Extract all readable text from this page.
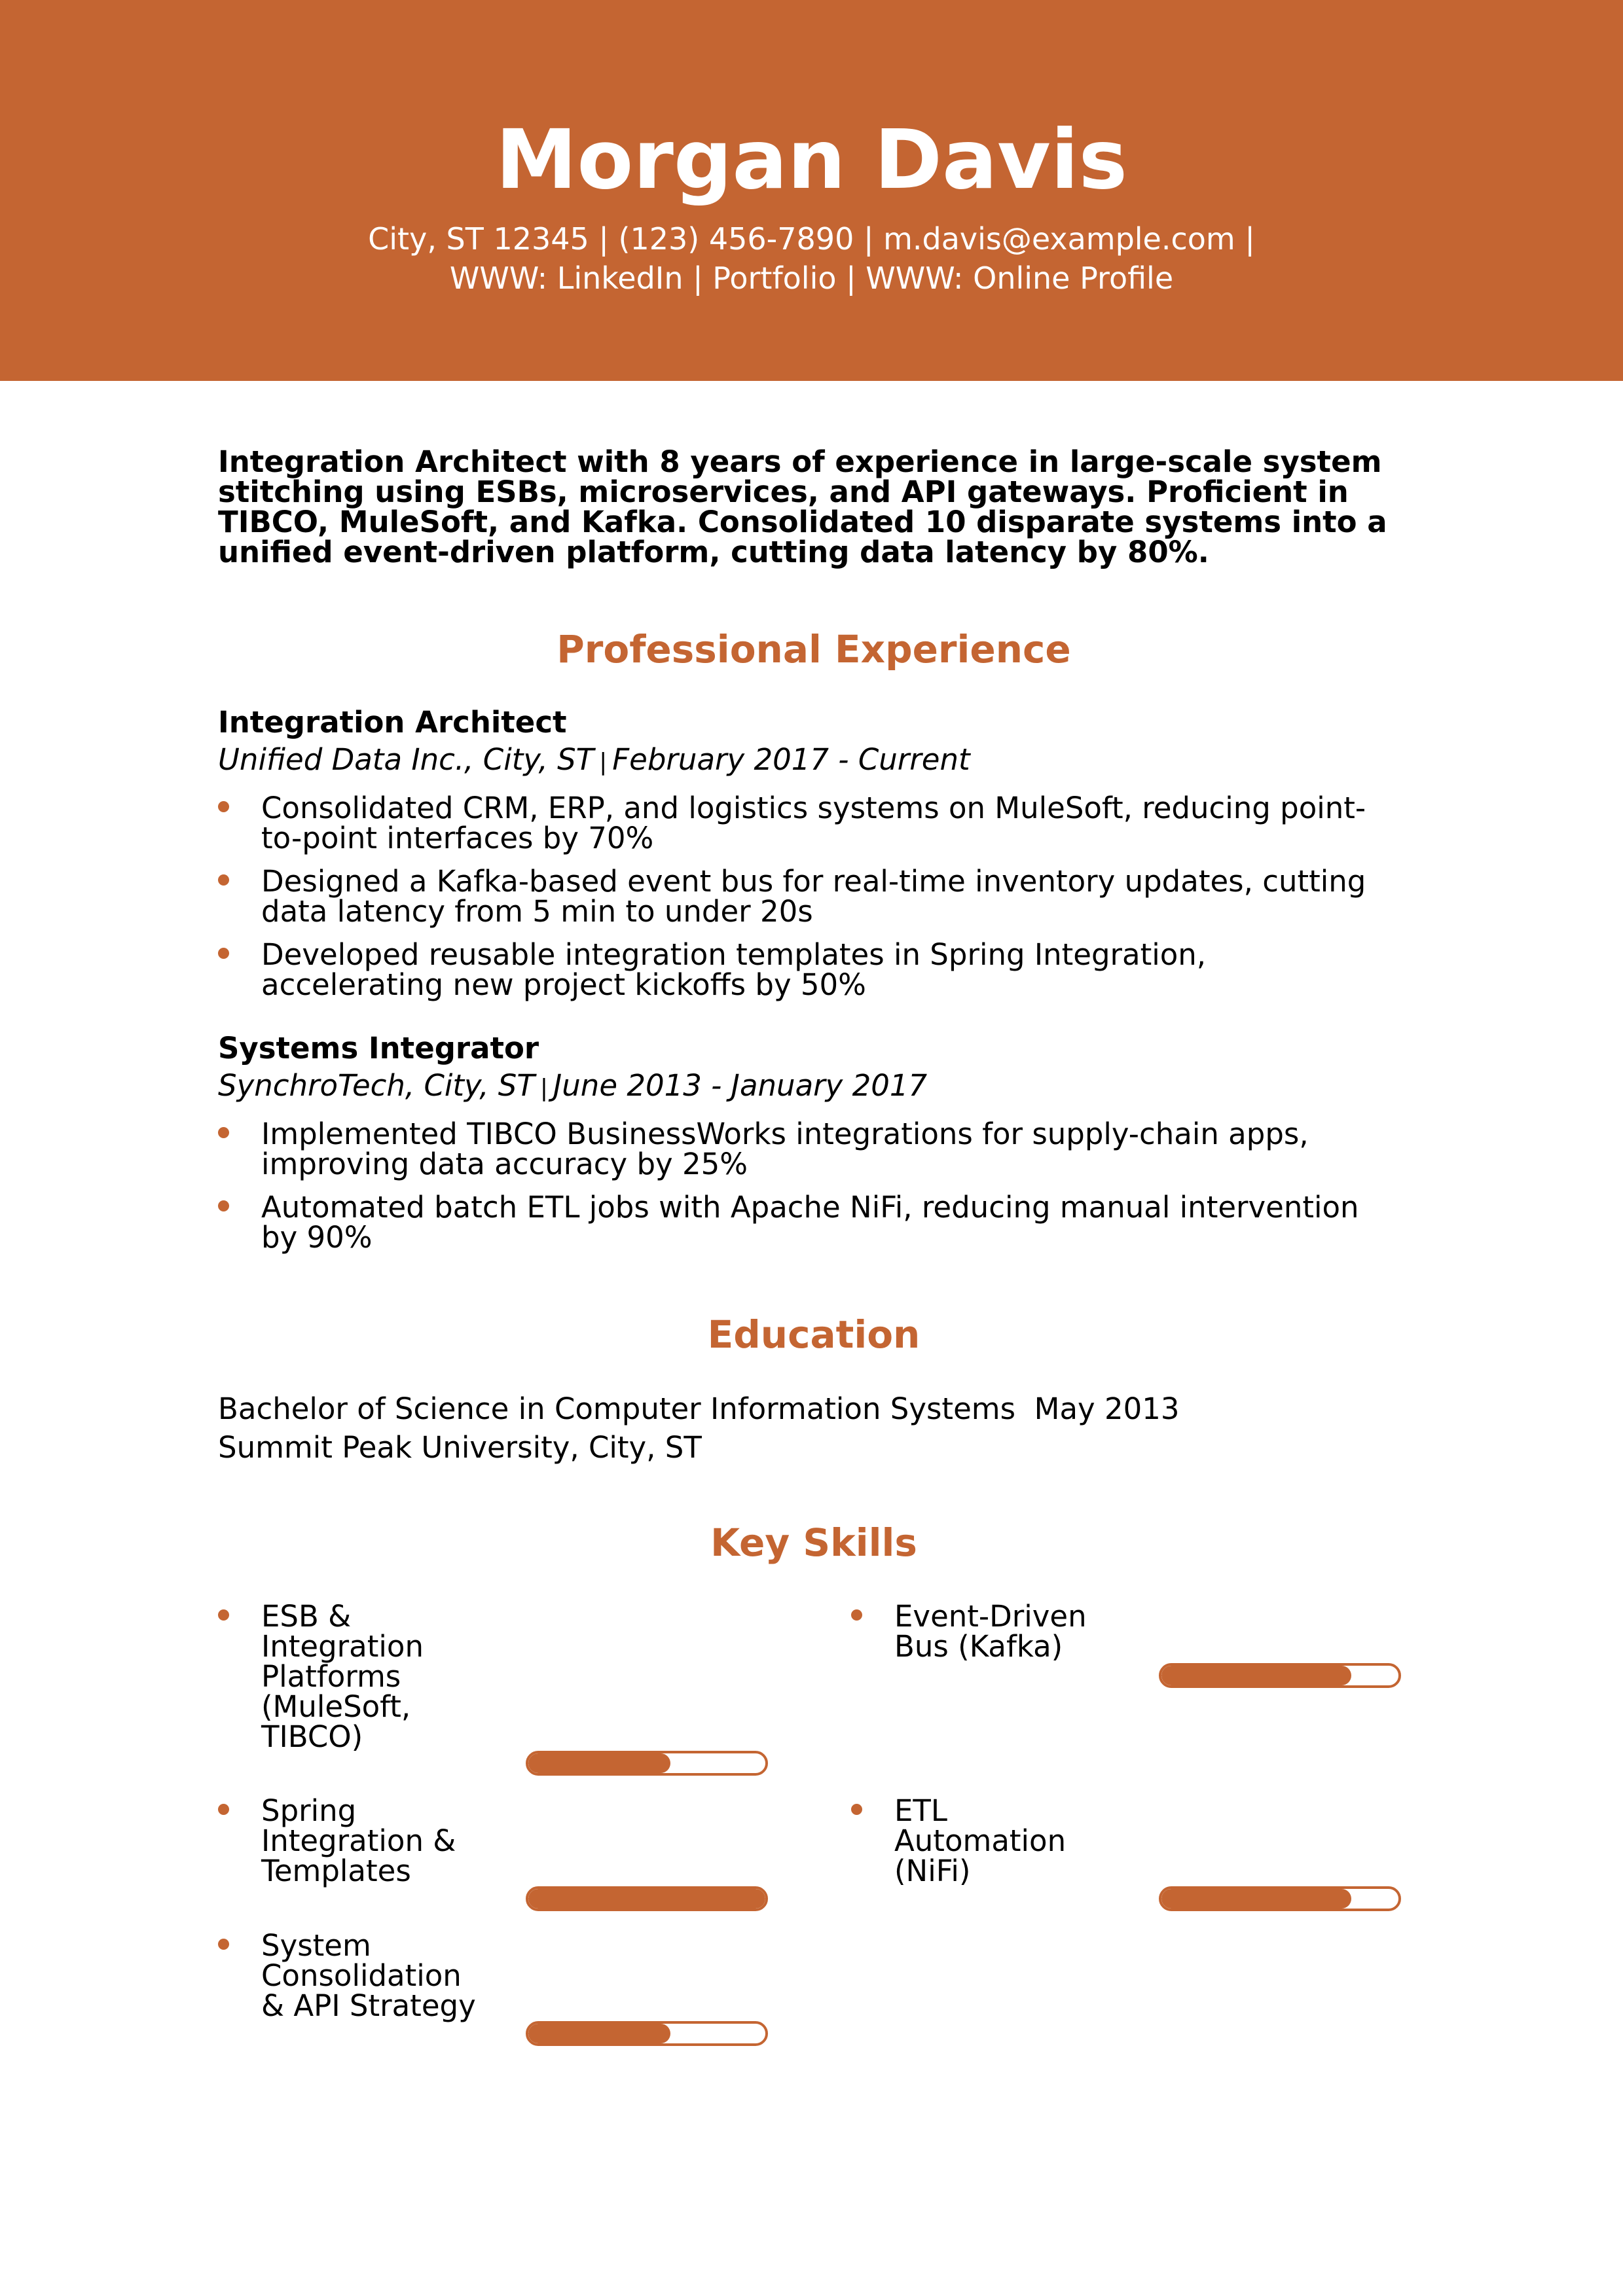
Morgan Davis
City, ST 12345 | (123) 456-7890 | m.davis@example.com |
WWW: LinkedIn | Portfolio | WWW: Online Profile
Integration Architect with 8 years of experience in large-scale system stitching using ESBs, microservices, and API gateways. Proficient in TIBCO, MuleSoft, and Kafka. Consolidated 10 disparate systems into a unified event-driven platform, cutting data latency by 80%.
Professional Experience
Integration Architect
Unified Data Inc., City, ST | February 2017 - Current
Consolidated CRM, ERP, and logistics systems on MuleSoft, reducing point-to-point interfaces by 70%
Designed a Kafka-based event bus for real-time inventory updates, cutting data latency from 5 min to under 20s
Developed reusable integration templates in Spring Integration, accelerating new project kickoffs by 50%
Systems Integrator
SynchroTech, City, ST | June 2013 - January 2017
Implemented TIBCO BusinessWorks integrations for supply-chain apps, improving data accuracy by 25%
Automated batch ETL jobs with Apache NiFi, reducing manual intervention by 90%
Education
Bachelor of Science in Computer Information Systems May 2013
Summit Peak University, City, ST
Key Skills
ESB & Integration Platforms (MuleSoft, TIBCO)
Event-Driven Bus (Kafka)
Spring Integration & Templates
ETL Automation (NiFi)
System Consolidation & API Strategy
